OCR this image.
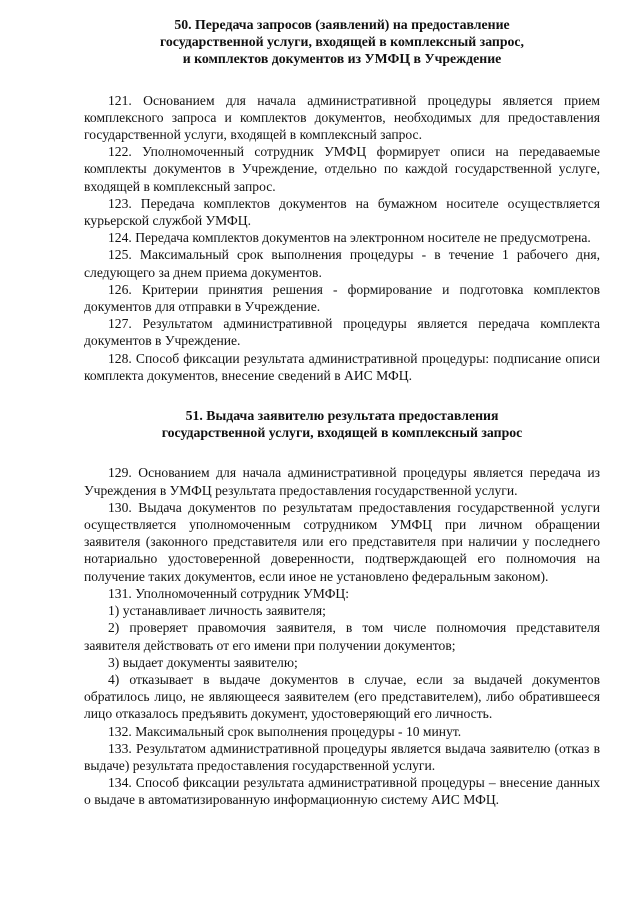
50. Передача запросов (заявлений) на предоставление
государственной услуги, входящей в комплексный запрос,
и комплектов документов из УМФЦ в Учреждение

121. Основанием для начала административной процедуры является прием комплексного запроса и комплектов документов, необходимых для предоставления государственной услуги, входящей в комплексный запрос.

122. Уполномоченный сотрудник УМФЦ формирует описи на передаваемые комплекты документов в Учреждение, отдельно по каждой государственной услуге, входящей в комплексный запрос.

123. Передача комплектов документов на бумажном носителе осуществляется курьерской службой УМФЦ.

124. Передача комплектов документов на электронном носителе не предусмотрена.

125. Максимальный срок выполнения процедуры - в течение 1 рабочего дня, следующего за днем приема документов.

126. Критерии принятия решения - формирование и подготовка комплектов документов для отправки в Учреждение.

127. Результатом административной процедуры является передача комплекта документов в Учреждение.

128. Способ фиксации результата административной процедуры: подписание описи комплекта документов, внесение сведений в АИС МФЦ.

51. Выдача заявителю результата предоставления
государственной услуги, входящей в комплексный запрос

129. Основанием для начала административной процедуры является передача из Учреждения в УМФЦ результата предоставления государственной услуги.

130. Выдача документов по результатам предоставления государственной услуги осуществляется уполномоченным сотрудником УМФЦ при личном обращении заявителя (законного представителя или его представителя при наличии у последнего нотариально удостоверенной доверенности, подтверждающей его полномочия на получение таких документов, если иное не установлено федеральным законом).

131. Уполномоченный сотрудник УМФЦ:

1) устанавливает личность заявителя;

2) проверяет правомочия заявителя, в том числе полномочия представителя заявителя действовать от его имени при получении документов;

3) выдает документы заявителю;

4) отказывает в выдаче документов в случае, если за выдачей документов обратилось лицо, не являющееся заявителем (его представителем), либо обратившееся лицо отказалось предъявить документ, удостоверяющий его личность.

132. Максимальный срок выполнения процедуры - 10 минут.

133. Результатом административной процедуры является выдача заявителю (отказ в выдаче) результата предоставления государственной услуги.

134. Способ фиксации результата административной процедуры – внесение данных о выдаче в автоматизированную информационную систему АИС МФЦ.
